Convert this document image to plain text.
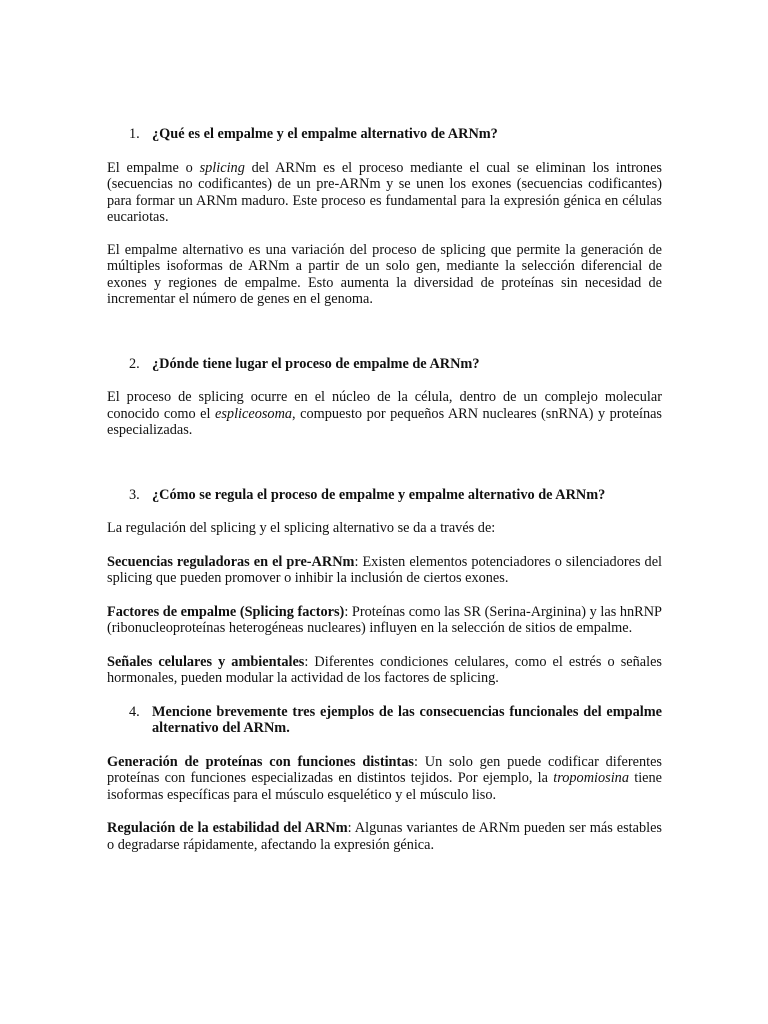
1. ¿Qué es el empalme y el empalme alternativo de ARNm?

El empalme o splicing del ARNm es el proceso mediante el cual se eliminan los intrones (secuencias no codificantes) de un pre-ARNm y se unen los exones (secuencias codificantes) para formar un ARNm maduro. Este proceso es fundamental para la expresión génica en células eucariotas.

El empalme alternativo es una variación del proceso de splicing que permite la generación de múltiples isoformas de ARNm a partir de un solo gen, mediante la selección diferencial de exones y regiones de empalme. Esto aumenta la diversidad de proteínas sin necesidad de incrementar el número de genes en el genoma.

2. ¿Dónde tiene lugar el proceso de empalme de ARNm?

El proceso de splicing ocurre en el núcleo de la célula, dentro de un complejo molecular conocido como el espliceosoma, compuesto por pequeños ARN nucleares (snRNA) y proteínas especializadas.

3. ¿Cómo se regula el proceso de empalme y empalme alternativo de ARNm?

La regulación del splicing y el splicing alternativo se da a través de:

Secuencias reguladoras en el pre-ARNm: Existen elementos potenciadores o silenciadores del splicing que pueden promover o inhibir la inclusión de ciertos exones.

Factores de empalme (Splicing factors): Proteínas como las SR (Serina-Arginina) y las hnRNP (ribonucleoproteínas heterogéneas nucleares) influyen en la selección de sitios de empalme.

Señales celulares y ambientales: Diferentes condiciones celulares, como el estrés o señales hormonales, pueden modular la actividad de los factores de splicing.

4. Mencione brevemente tres ejemplos de las consecuencias funcionales del empalme alternativo del ARNm.

Generación de proteínas con funciones distintas: Un solo gen puede codificar diferentes proteínas con funciones especializadas en distintos tejidos. Por ejemplo, la tropomiosina tiene isoformas específicas para el músculo esquelético y el músculo liso.

Regulación de la estabilidad del ARNm: Algunas variantes de ARNm pueden ser más estables o degradarse rápidamente, afectando la expresión génica.
